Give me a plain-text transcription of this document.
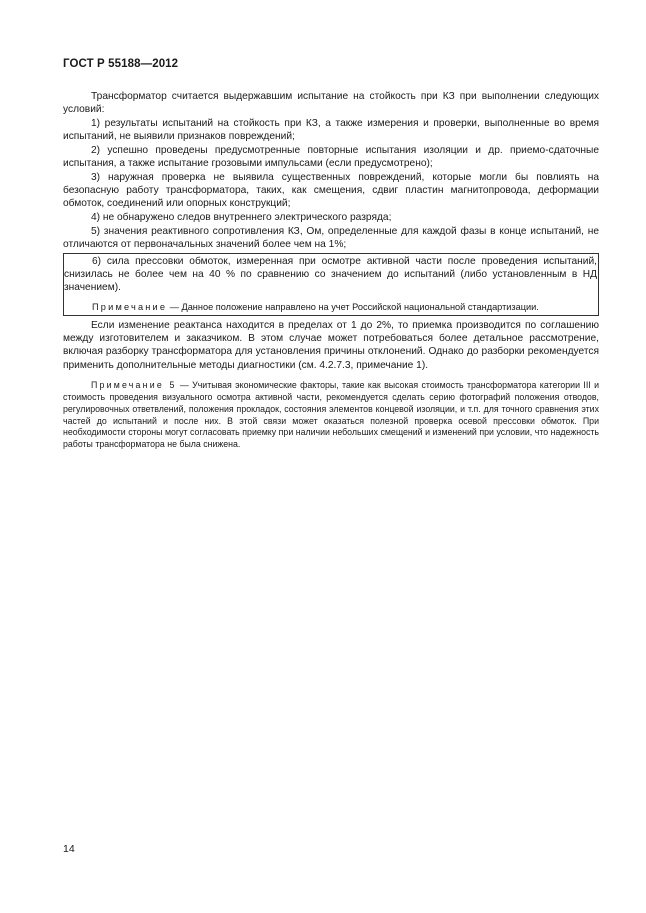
ГОСТ Р 55188—2012

Трансформатор считается выдержавшим испытание на стойкость при КЗ при выполнении следующих условий:

1) результаты испытаний на стойкость при КЗ, а также измерения и проверки, выполненные во время испытаний, не выявили признаков повреждений;

2) успешно проведены предусмотренные повторные испытания изоляции и др. приемо-сдаточные испытания, а также испытание грозовыми импульсами (если предусмотрено);

3) наружная проверка не выявила существенных повреждений, которые могли бы повлиять на безопасную работу трансформатора, таких, как смещения, сдвиг пластин магнитопровода, деформации обмоток, соединений или опорных конструкций;

4) не обнаружено следов внутреннего электрического разряда;

5) значения реактивного сопротивления КЗ, Ом, определенные для каждой фазы в конце испытаний, не отличаются от первоначальных значений более чем на 1%;

6) сила прессовки обмоток, измеренная при осмотре активной части после проведения испытаний, снизилась не более чем на 40 % по сравнению со значением до испытаний (либо установленным в НД значением).

Примечание — Данное положение направлено на учет Российской национальной стандартизации.

Если изменение реактанса находится в пределах от 1 до 2%, то приемка производится по соглашению между изготовителем и заказчиком. В этом случае может потребоваться более детальное рассмотрение, включая разборку трансформатора для установления причины отклонений. Однако до разборки рекомендуется применить дополнительные методы диагностики (см. 4.2.7.3, примечание 1).

Примечание 5 — Учитывая экономические факторы, такие как высокая стоимость трансформатора категории III и стоимость проведения визуального осмотра активной части, рекомендуется сделать серию фотографий положения отводов, регулировочных ответвлений, положения прокладок, состояния элементов концевой изоляции, и т.п. для точного сравнения этих частей до испытаний и после них. В этой связи может оказаться полезной проверка осевой прессовки обмоток. При необходимости стороны могут согласовать приемку при наличии небольших смещений и изменений при условии, что надежность работы трансформатора не была снижена.
14
